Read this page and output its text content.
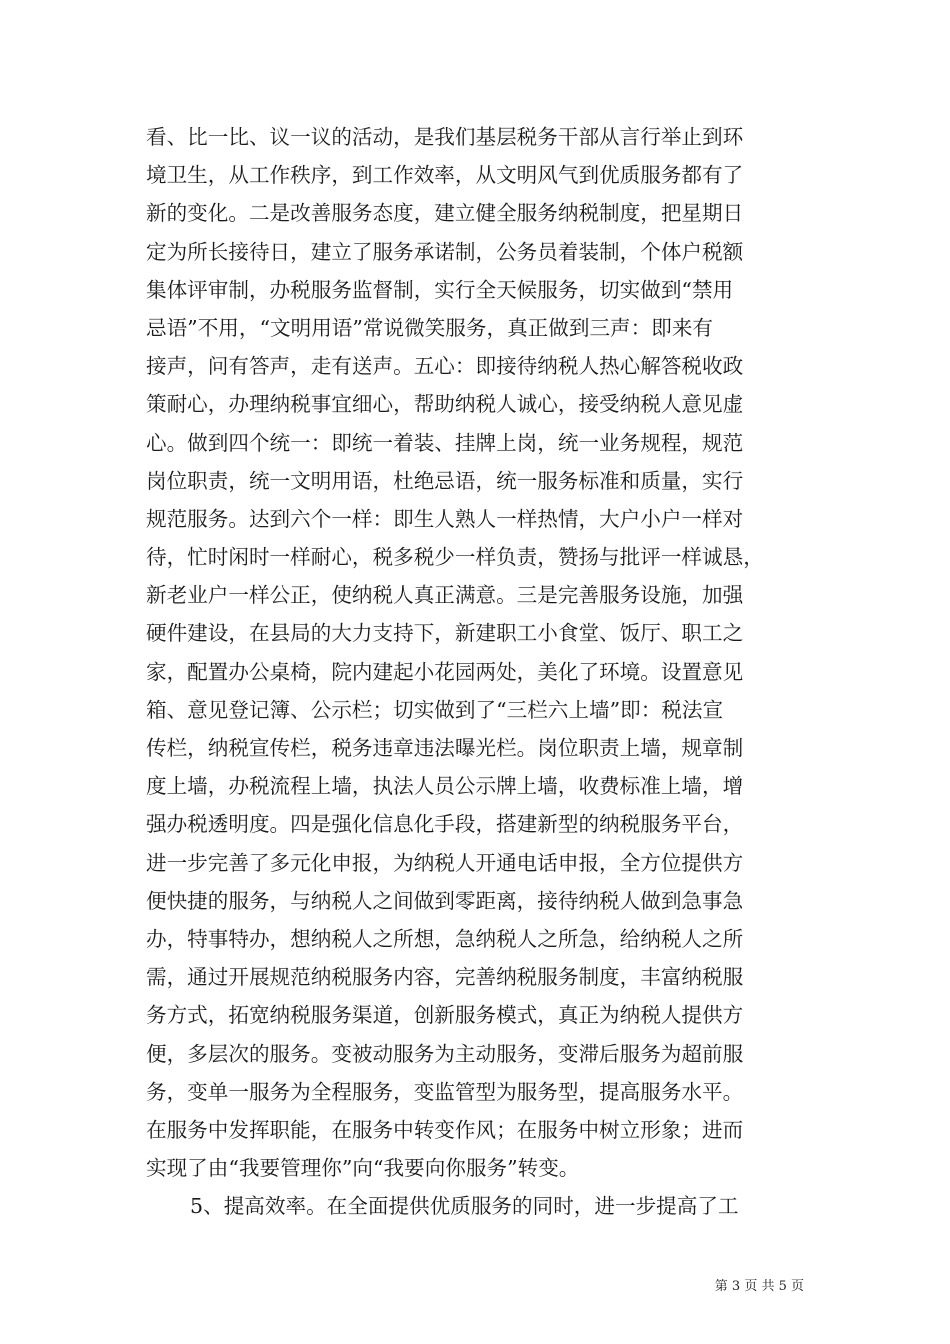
看、比一比、议一议的活动，是我们基层税务干部从言行举止到环
境卫生，从工作秩序，到工作效率，从文明风气到优质服务都有了
新的变化。二是改善服务态度，建立健全服务纳税制度，把星期日
定为所长接待日，建立了服务承诺制，公务员着装制，个体户税额
集体评审制，办税服务监督制，实行全天候服务，切实做到“禁用
忌语”不用，“文明用语”常说微笑服务，真正做到三声：即来有
接声，问有答声，走有送声。五心：即接待纳税人热心解答税收政
策耐心，办理纳税事宜细心，帮助纳税人诚心，接受纳税人意见虚
心。做到四个统一：即统一着装、挂牌上岗，统一业务规程，规范
岗位职责，统一文明用语，杜绝忌语，统一服务标准和质量，实行
规范服务。达到六个一样：即生人熟人一样热情，大户小户一样对
待，忙时闲时一样耐心，税多税少一样负责，赞扬与批评一样诚恳，
新老业户一样公正，使纳税人真正满意。三是完善服务设施，加强
硬件建设，在县局的大力支持下，新建职工小食堂、饭厅、职工之
家，配置办公桌椅，院内建起小花园两处，美化了环境。设置意见
箱、意见登记簿、公示栏；切实做到了“三栏六上墙”即：税法宣
传栏，纳税宣传栏，税务违章违法曝光栏。岗位职责上墙，规章制
度上墙，办税流程上墙，执法人员公示牌上墙，收费标准上墙，增
强办税透明度。四是强化信息化手段，搭建新型的纳税服务平台，
进一步完善了多元化申报，为纳税人开通电话申报，全方位提供方
便快捷的服务，与纳税人之间做到零距离，接待纳税人做到急事急
办，特事特办，想纳税人之所想，急纳税人之所急，给纳税人之所
需，通过开展规范纳税服务内容，完善纳税服务制度，丰富纳税服
务方式，拓宽纳税服务渠道，创新服务模式，真正为纳税人提供方
便，多层次的服务。变被动服务为主动服务，变滞后服务为超前服
务，变单一服务为全程服务，变监管型为服务型，提高服务水平。
在服务中发挥职能，在服务中转变作风；在服务中树立形象；进而
实现了由“我要管理你”向“我要向你服务”转变。
5、提高效率。在全面提供优质服务的同时，进一步提高了工
第 3 页 共 5 页
